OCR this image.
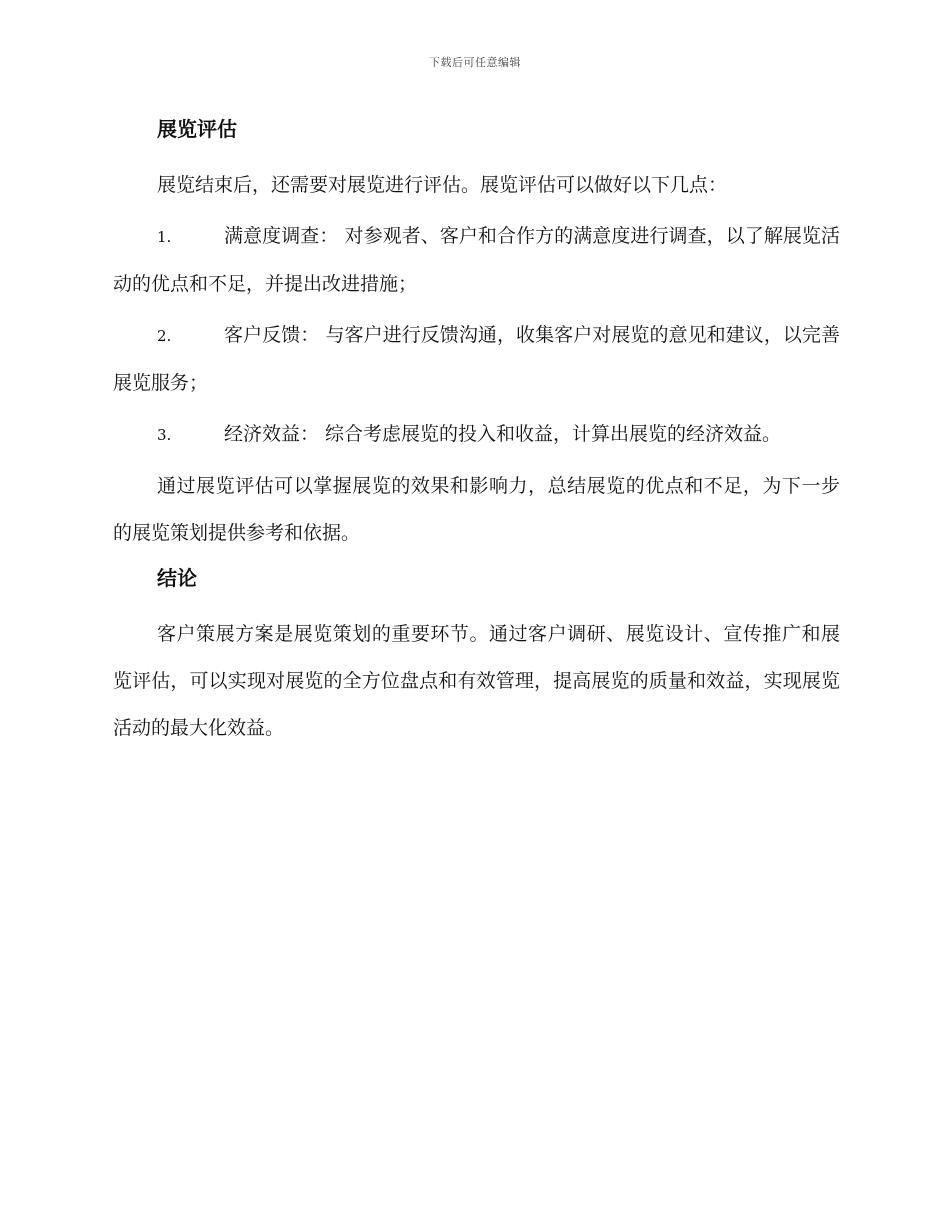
下载后可任意编辑
展览评估

展览结束后，还需要对展览进行评估。展览评估可以做好以下几点：

1.	满意度调查： 对参观者、客户和合作方的满意度进行调查，以了解展览活动的优点和不足，并提出改进措施；

2.	客户反馈： 与客户进行反馈沟通，收集客户对展览的意见和建议，以完善展览服务；

3.	经济效益： 综合考虑展览的投入和收益，计算出展览的经济效益。

通过展览评估可以掌握展览的效果和影响力，总结展览的优点和不足，为下一步的展览策划提供参考和依据。

结论

客户策展方案是展览策划的重要环节。通过客户调研、展览设计、宣传推广和展览评估，可以实现对展览的全方位盘点和有效管理，提高展览的质量和效益，实现展览活动的最大化效益。
